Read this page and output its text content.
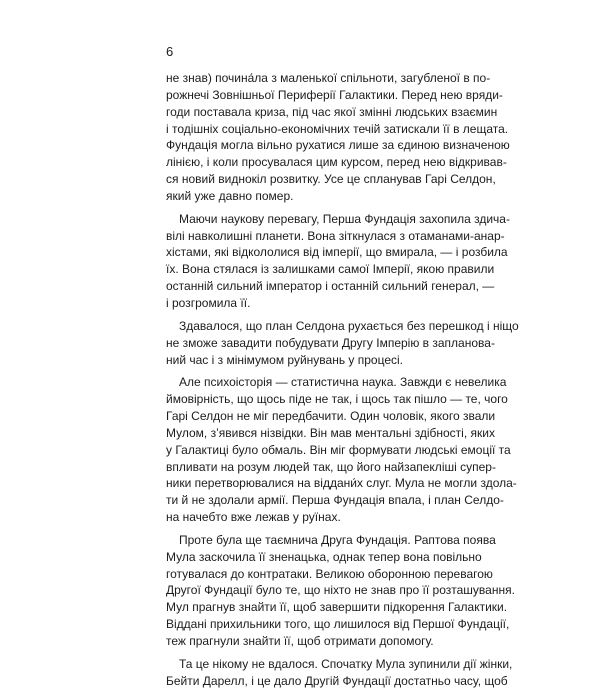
6
не знав) почина́ла з маленької спільноти, загубленої в по-
рожнечі Зовнішньої Периферії Галактики. Перед нею вряди-
годи поставала криза, під час якої змінні людських взаємин
і тодішніх соціально-економічних течій затискали її в лещата.
Фундація могла вільно рухатися лише за єдиною визначеною
лінією, і коли просувалася цим курсом, перед нею відкривав-
ся новий виднокіл розвитку. Усе це спланував Гарі Селдон,
який уже давно помер.
Маючи наукову перевагу, Перша Фундація захопила здича-
вілі навколишні планети. Вона зіткнулася з отаманами-анар-
хістами, які відкололися від імперії, що вмирала, — і розбила
їх. Вона стялася із залишками самої Імперії, якою правили
останній сильний імператор і останній сильний генерал, —
і розгромила її.
Здавалося, що план Селдона рухається без перешкод і ніщо
не зможе завадити побудувати Другу Імперію в запланова-
ний час і з мінімумом руйнувань у процесі.
Але психоісторія — статистична наука. Завжди є невелика
ймовірність, що щось піде не так, і щось так пішло — те, чого
Гарі Селдон не міг передбачити. Один чоловік, якого звали
Мулом, з’явився нізвідки. Він мав ментальні здібності, яких
у Галактиці було обмаль. Він міг формувати людські емоції та
впливати на розум людей так, що його найзапекліші супер-
ники перетворювалися на віддани́х слуг. Мула не могли здола-
ти й не здолали армії. Перша Фундація впала, і план Селдо-
на начебто вже лежав у руїнах.
Проте була ще таємнича Друга Фундація. Раптова поява
Мула заскочила її зненацька, однак тепер вона повільно
готувалася до контратаки. Великою оборонною перевагою
Другої Фундації було те, що ніхто не знав про її розташування.
Мул прагнув знайти її, щоб завершити підкорення Галактики.
Віддані прихильники того, що лишилося від Першої Фундації,
теж прагнули знайти її, щоб отримати допомогу.
Та це нікому не вдалося. Спочатку Мула зупинили дії жінки,
Бейти Дарелл, і це дало Другій Фундації достатньо часу, щоб
